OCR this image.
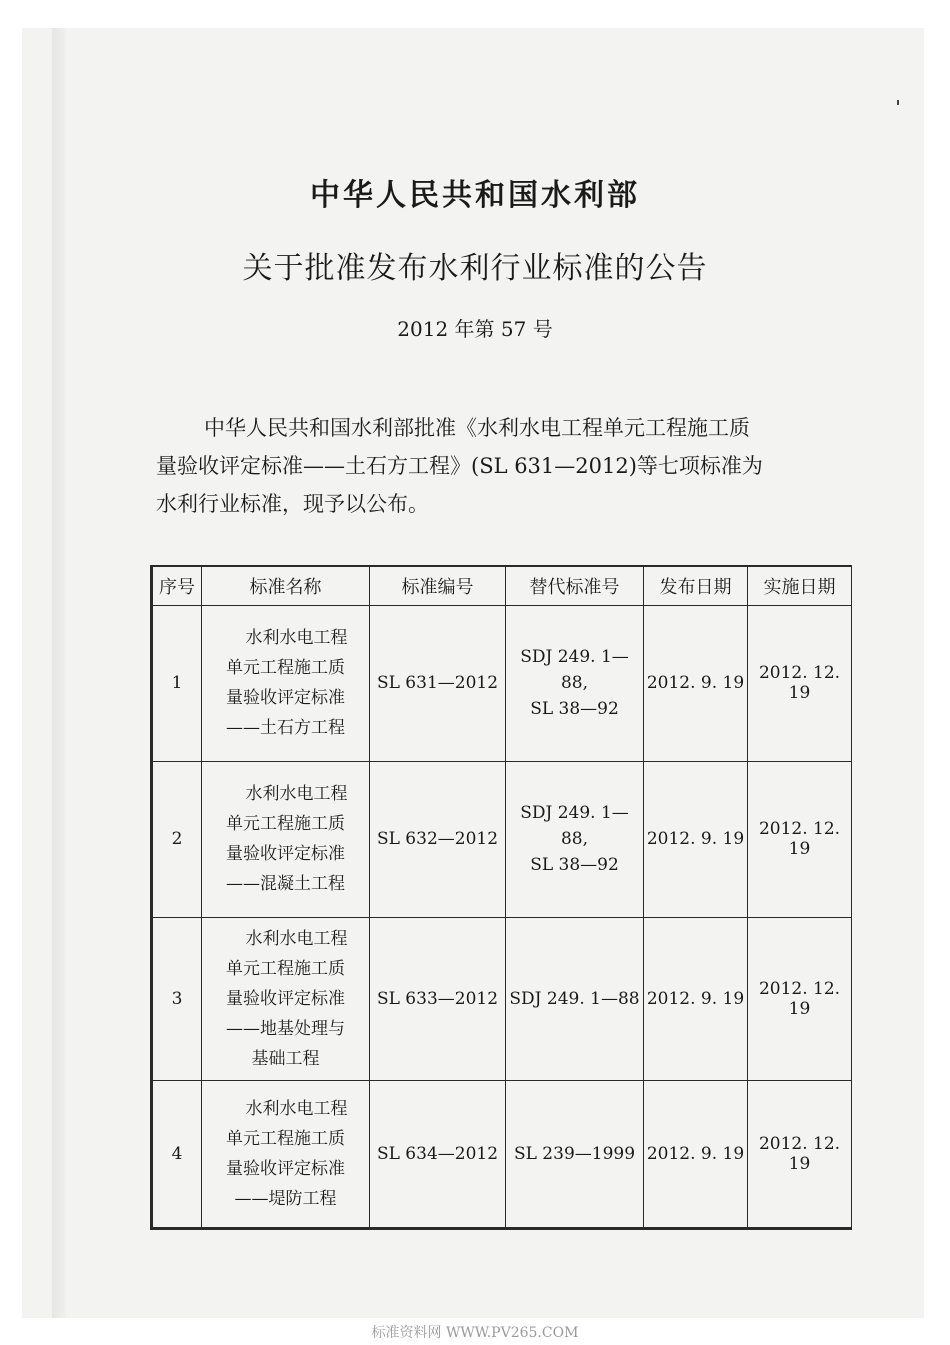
中华人民共和国水利部
关于批准发布水利行业标准的公告
2012 年第 57 号

中华人民共和国水利部批准《水利水电工程单元工程施工质
量验收评定标准——土石方工程》(SL 631—2012)等七项标准为
水利行业标准，现予以公布。

序号	标准名称	标准编号	替代标准号	发布日期	实施日期
1	水利水电工程
单元工程施工质
量验收评定标准
——土石方工程	SL 631—2012	SDJ 249. 1—88,
SL 38—92	2012. 9. 19	2012. 12. 19
2	水利水电工程
单元工程施工质
量验收评定标准
——混凝土工程	SL 632—2012	SDJ 249. 1—88,
SL 38—92	2012. 9. 19	2012. 12. 19
3	水利水电工程
单元工程施工质
量验收评定标准
——地基处理与
基础工程	SL 633—2012	SDJ 249. 1—88	2012. 9. 19	2012. 12. 19
4	水利水电工程
单元工程施工质
量验收评定标准
——堤防工程	SL 634—2012	SL 239—1999	2012. 9. 19	2012. 12. 19
标准资料网 WWW.PV265.COM
